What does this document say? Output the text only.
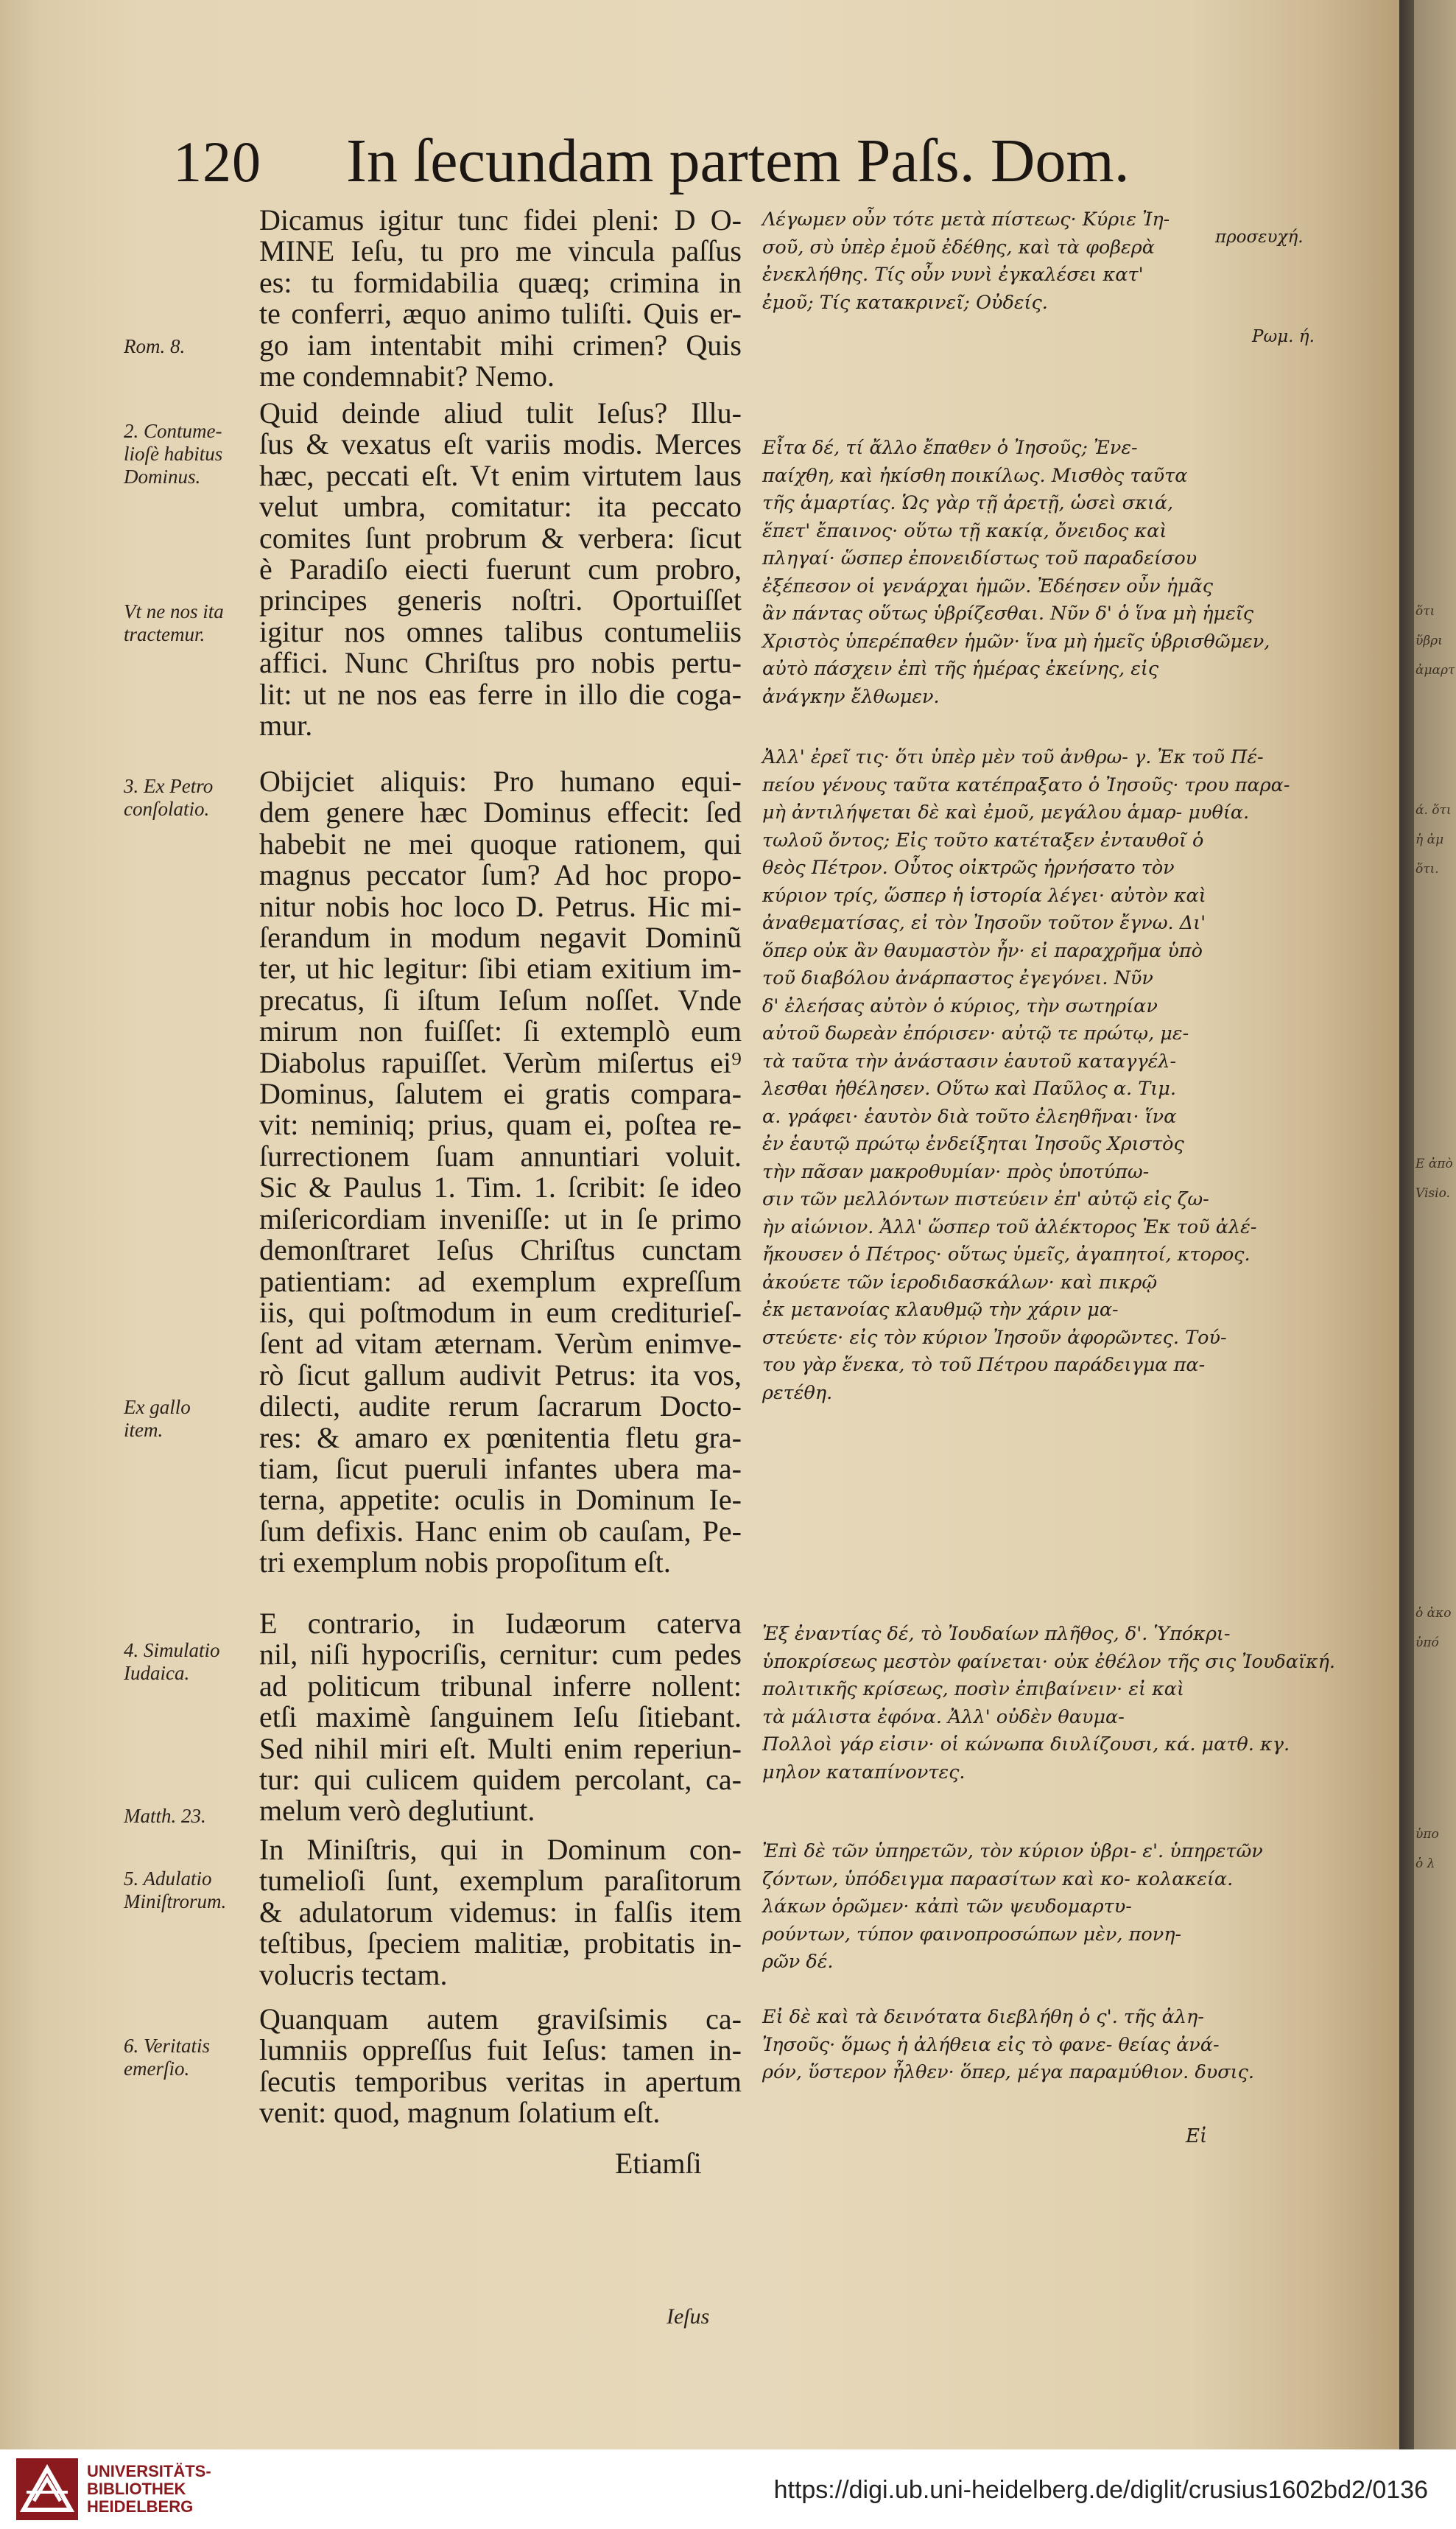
120 In ſecundam partem Paſs. Dom.
Dicamus igitur tunc fidei pleni: D O-
MINE Ieſu, tu pro me vincula paſſus
es: tu formidabilia quæq; crimina in
te conferri, æquo animo tuliſti. Quis er-
go iam intentabit mihi crimen? Quis
me condemnabit? Nemo.
Quid deinde aliud tulit Ieſus? Illu-
ſus & vexatus eſt variis modis. Merces
hæc, peccati eſt. Vt enim virtutem laus
velut umbra, comitatur: ita peccato
comites ſunt probrum & verbera: ſicut
è Paradiſo eiecti fuerunt cum probro,
principes generis noſtri. Oportuiſſet
igitur nos omnes talibus contumeliis
affici. Nunc Chriſtus pro nobis pertu-
lit: ut ne nos eas ferre in illo die coga-
mur.
Obijciet aliquis: Pro humano equi-
dem genere hæc Dominus effecit: ſed
habebit ne mei quoque rationem, qui
magnus peccator ſum? Ad hoc propo-
nitur nobis hoc loco D. Petrus. Hic mi-
ſerandum in modum negavit Dominũ
ter, ut hic legitur: ſibi etiam exitium im-
precatus, ſi iſtum Ieſum noſſet. Vnde
mirum non fuiſſet: ſi extemplò eum
Diabolus rapuiſſet. Verùm miſertus ei⁹
Dominus, ſalutem ei gratis compara-
vit: neminiq; prius, quam ei, poſtea re-
ſurrectionem ſuam annuntiari voluit.
Sic & Paulus 1. Tim. 1. ſcribit: ſe ideo
miſericordiam inveniſſe: ut in ſe primo
demonſtraret Ieſus Chriſtus cunctam
patientiam: ad exemplum expreſſum
iis, qui poſtmodum in eum crediturieſ-
ſent ad vitam æternam. Verùm enimve-
rò ſicut gallum audivit Petrus: ita vos,
dilecti, audite rerum ſacrarum Docto-
res: & amaro ex pœnitentia fletu gra-
tiam, ſicut pueruli infantes ubera ma-
terna, appetite: oculis in Dominum Ie-
ſum defixis. Hanc enim ob cauſam, Pe-
tri exemplum nobis propoſitum eſt.
E contrario, in Iudæorum caterva
nil, niſi hypocriſis, cernitur: cum pedes
ad politicum tribunal inferre nollent:
etſi maximè ſanguinem Ieſu ſitiebant.
Sed nihil miri eſt. Multi enim reperiun-
tur: qui culicem quidem percolant, ca-
melum verò deglutiunt.
In Miniſtris, qui in Dominum con-
tumelioſi ſunt, exemplum paraſitorum
& adulatorum videmus: in falſis item
teſtibus, ſpeciem malitiæ, probitatis in-
volucris tectam.
Quanquam autem graviſsimis ca-
lumniis oppreſſus fuit Ieſus: tamen in-
ſecutis temporibus veritas in apertum
venit: quod, magnum ſolatium eſt.
Etiamſi
Rom. 8.
2. Contume-
lioſè habitus
Dominus.
Vt ne nos ita
tractemur.
3. Ex Petro
conſolatio.
Ex gallo
item.
4. Simulatio
Iudaica.
Matth. 23.
5. Adulatio
Miniſtrorum.
6. Veritatis
emerſio.
Λέγωμεν οὖν τότε μετὰ πίστεως· Κύριε Ἰη-
σοῦ, σὺ ὑπὲρ ἐμοῦ ἐδέθης, καὶ τὰ φοβερὰ
ἐνεκλήθης. Τίς οὖν νυνὶ ἐγκαλέσει κατ'
ἐμοῦ; Τίς κατακρινεῖ; Οὐδείς.
Εἶτα δέ, τί ἄλλο ἔπαθεν ὁ Ἰησοῦς; Ἐνε-
παίχθη, καὶ ἠκίσθη ποικίλως. Μισθὸς ταῦτα
τῆς ἁμαρτίας. Ὡς γὰρ τῇ ἀρετῇ, ὡσεὶ σκιά,
ἕπετ' ἔπαινος· οὕτω τῇ κακίᾳ, ὄνειδος καὶ
πληγαί· ὥσπερ ἐπονειδίστως τοῦ παραδείσου
ἐξέπεσον οἱ γενάρχαι ἡμῶν. Ἐδέησεν οὖν ἡμᾶς
ἂν πάντας οὕτως ὑβρίζεσθαι. Νῦν δ' ὁ ἵνα μὴ ἡμεῖς
Χριστὸς ὑπερέπαθεν ἡμῶν· ἵνα μὴ ἡμεῖς ὑβρισθῶμεν,
αὐτὸ πάσχειν ἐπὶ τῆς ἡμέρας ἐκείνης, εἰς
ἀνάγκην ἔλθωμεν.
Ἀλλ' ἐρεῖ τις· ὅτι ὑπὲρ μὲν τοῦ ἀνθρω- γ. Ἐκ τοῦ Πέ-
πείου γένους ταῦτα κατέπραξατο ὁ Ἰησοῦς· τρου παρα-
μὴ ἀντιλήψεται δὲ καὶ ἐμοῦ, μεγάλου ἁμαρ- μυθία.
τωλοῦ ὄντος; Εἰς τοῦτο κατέταξεν ἐνταυθοῖ ὁ
θεὸς Πέτρον. Οὗτος οἰκτρῶς ἠρνήσατο τὸν
κύριον τρίς, ὥσπερ ἡ ἱστορία λέγει· αὐτὸν καὶ
ἀναθεματίσας, εἰ τὸν Ἰησοῦν τοῦτον ἔγνω. Δι'
ὅπερ οὐκ ἂν θαυμαστὸν ἦν· εἰ παραχρῆμα ὑπὸ
τοῦ διαβόλου ἀνάρπαστος ἐγεγόνει. Νῦν
δ' ἐλεήσας αὐτὸν ὁ κύριος, τὴν σωτηρίαν
αὐτοῦ δωρεὰν ἐπόρισεν· αὐτῷ τε πρώτῳ, με-
τὰ ταῦτα τὴν ἀνάστασιν ἑαυτοῦ καταγγέλ-
λεσθαι ἠθέλησεν. Οὕτω καὶ Παῦλος α. Τιμ.
α. γράφει· ἑαυτὸν διὰ τοῦτο ἐλεηθῆναι· ἵνα
ἐν ἑαυτῷ πρώτῳ ἐνδείξηται Ἰησοῦς Χριστὸς
τὴν πᾶσαν μακροθυμίαν· πρὸς ὑποτύπω-
σιν τῶν μελλόντων πιστεύειν ἐπ' αὐτῷ εἰς ζω-
ὴν αἰώνιον. Ἀλλ' ὥσπερ τοῦ ἀλέκτορος Ἐκ τοῦ ἀλέ-
ἤκουσεν ὁ Πέτρος· οὕτως ὑμεῖς, ἀγαπητοί, κτορος.
ἀκούετε τῶν ἱεροδιδασκάλων· καὶ πικρῷ
ἐκ μετανοίας κλαυθμῷ τὴν χάριν μα-
στεύετε· εἰς τὸν κύριον Ἰησοῦν ἀφορῶντες. Τού-
του γὰρ ἕνεκα, τὸ τοῦ Πέτρου παράδειγμα πα-
ρετέθη.
Ἐξ ἐναντίας δέ, τὸ Ἰουδαίων πλῆθος, δ'. Ὑπόκρι-
ὑποκρίσεως μεστὸν φαίνεται· οὐκ ἐθέλον τῆς σις Ἰουδαϊκή.
πολιτικῆς κρίσεως, ποσὶν ἐπιβαίνειν· εἰ καὶ
τὰ μάλιστα ἐφόνα. Ἀλλ' οὐδὲν θαυμα-
Πολλοὶ γάρ εἰσιν· οἱ κώνωπα διυλίζουσι, κά. ματθ. κγ.
μηλον καταπίνοντες.
Ἐπὶ δὲ τῶν ὑπηρετῶν, τὸν κύριον ὑβρι- ε'. ὑπηρετῶν
ζόντων, ὑπόδειγμα παρασίτων καὶ κο- κολακεία.
λάκων ὁρῶμεν· κἀπὶ τῶν ψευδομαρτυ-
ρούντων, τύπον φαινοπροσώπων μὲν, πονη-
ρῶν δέ.
Εἰ δὲ καὶ τὰ δεινότατα διεβλήθη ὁ ς'. τῆς ἀλη-
Ἰησοῦς· ὅμως ἡ ἀλήθεια εἰς τὸ φανε- θείας ἀνά-
ρόν, ὕστερον ἦλθεν· ὅπερ, μέγα παραμύθιον. δυσις.
προσευχή.
Ρωμ. ή.
Εἰ
Ieſus
ὅτι
ὕβρι
ἀμαρτ
ά. ὅτι
ἡ ἀμ
ὅτι.
Ε ἀπὸ
Visio.
ὁ ἀκο
ὑπό
ὑπο
ὁ λ
UNIVERSITÄTS-
BIBLIOTHEK
HEIDELBERG
https://digi.ub.uni-heidelberg.de/diglit/crusius1602bd2/0136
